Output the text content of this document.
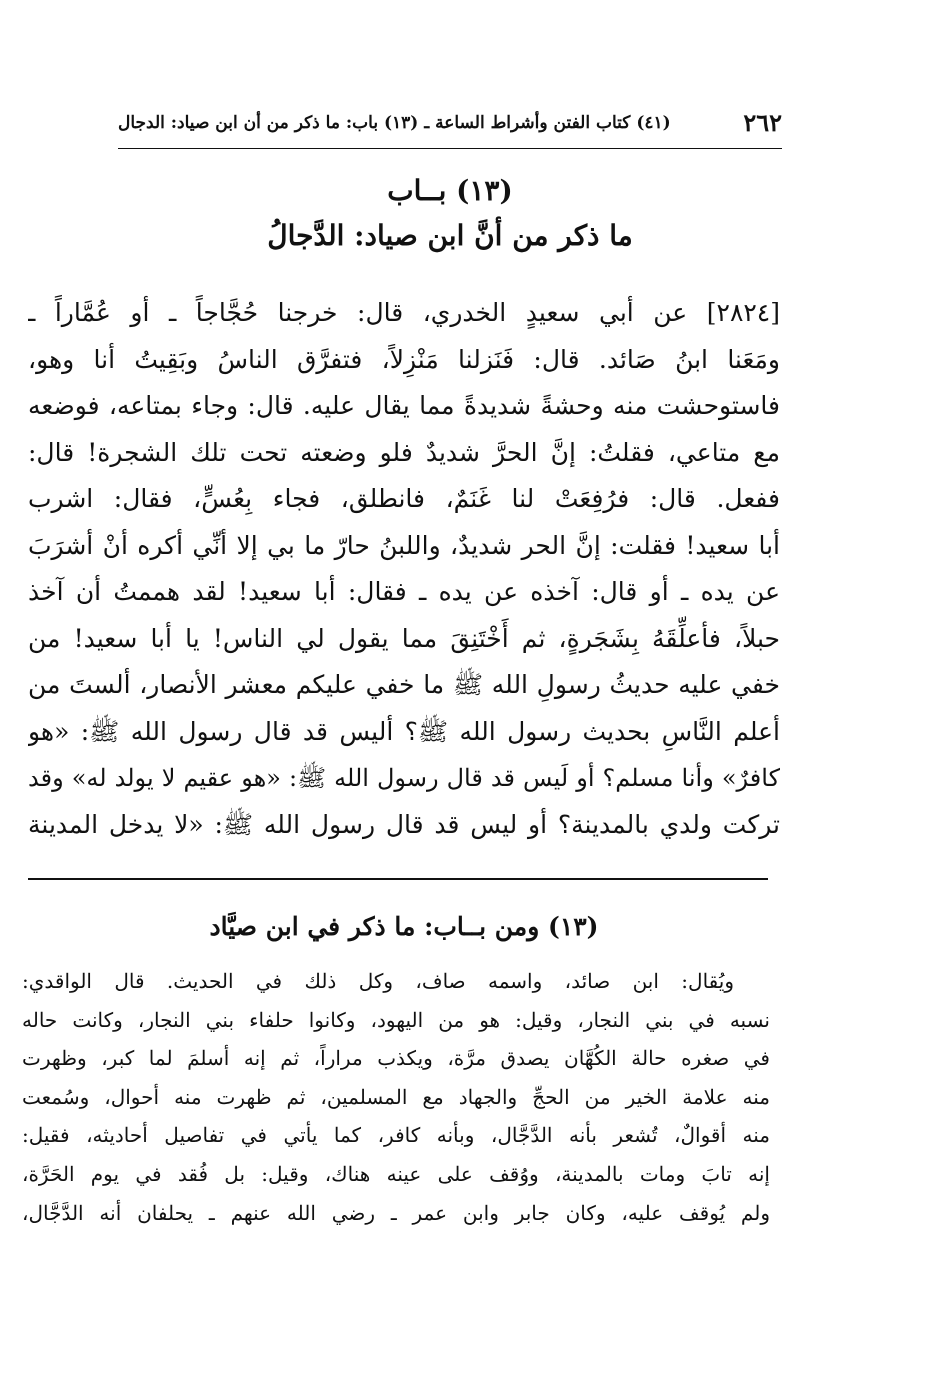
٢٦٢
(٤١) كتاب الفتن وأشراط الساعة ـ (١٣) باب: ما ذكر من أن ابن صياد: الدجال
(١٣) بــاب
ما ذكر من أنَّ ابن صياد: الدَّجالُ
[٢٨٢٤] عن أبي سعيدٍ الخدري، قال: خرجنا حُجَّاجاً ـ أو عُمَّاراً ـ
ومَعَنا ابنُ صَائد. قال: فَنَزلنا مَنْزِلاً، فتفرَّق الناسُ وبَقِيتُ أنا وهو،
فاستوحشت منه وحشةً شديدةً مما يقال عليه. قال: وجاء بمتاعه، فوضعه
مع متاعي، فقلتُ: إنَّ الحرَّ شديدٌ فلو وضعته تحت تلك الشجرة! قال:
ففعل. قال: فرُفِعَتْ لنا غَنَمٌ، فانطلق، فجاء بِعُسٍّ، فقال: اشرب
أبا سعيد! فقلت: إنَّ الحر شديدٌ، واللبنُ حارّ ما بي إلا أنِّي أكره أنْ أشرَبَ
عن يده ـ أو قال: آخذه عن يده ـ فقال: أبا سعيد! لقد هممتُ أن آخذ
حبلاً، فأعلِّقَهُ بِشَجَرةٍ، ثم أَخْتَنِقَ مما يقول لي الناس! يا أبا سعيد! من
خفي عليه حديثُ رسولِ الله ﷺ ما خفي عليكم معشر الأنصار، ألستَ من
أعلم النَّاسِ بحديث رسول الله ﷺ؟ أليس قد قال رسول الله ﷺ: «هو
كافرٌ» وأنا مسلم؟ أو لَيس قد قال رسول الله ﷺ: «هو عقيم لا يولد له» وقد
تركت ولدي بالمدينة؟ أو ليس قد قال رسول الله ﷺ: «لا يدخل المدينة
(١٣) ومن بــاب: ما ذكر في ابن صيَّاد
ويُقال: ابن صائد، واسمه صاف، وكل ذلك في الحديث. قال الواقدي:
نسبه في بني النجار، وقيل: هو من اليهود، وكانوا حلفاء بني النجار، وكانت حاله
في صغره حالة الكُهَّان يصدق مرَّة، ويكذب مراراً، ثم إنه أسلمَ لما كبر، وظهرت
منه علامة الخير من الحجِّ والجهاد مع المسلمين، ثم ظهرت منه أحوال، وسُمعت
منه أقوالٌ، تُشعر بأنه الدَّجَّال، وبأنه كافر، كما يأتي في تفاصيل أحاديثه، فقيل:
إنه تابَ ومات بالمدينة، ووُقف على عينه هناك، وقيل: بل فُقد في يوم الحَرَّة،
ولم يُوقف عليه، وكان جابر وابن عمر ـ رضي الله عنهم ـ يحلفان أنه الدَّجَّال،
